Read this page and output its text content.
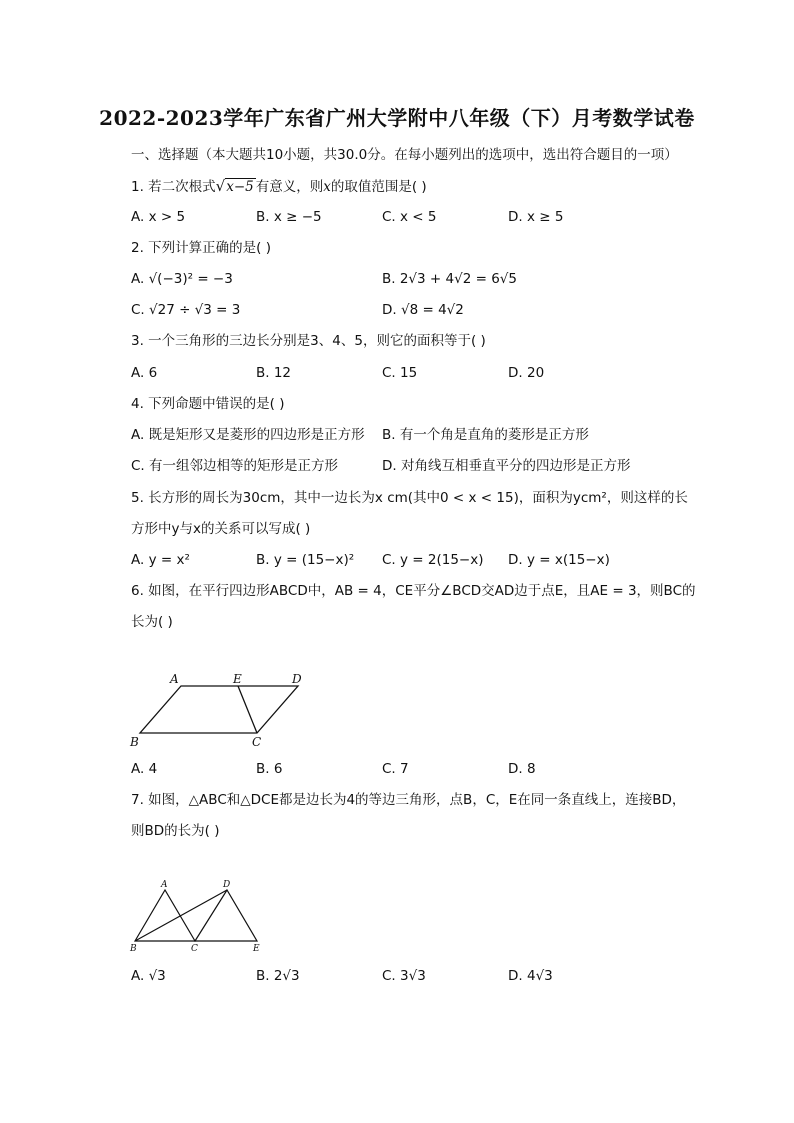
2022-2023学年广东省广州大学附中八年级（下）月考数学试卷
一、选择题（本大题共10小题，共30.0分。在每小题列出的选项中，选出符合题目的一项）
1. 若二次根式√x−5 有意义，则x的取值范围是( )
A. x > 5	B. x ≥ −5	C. x < 5	D. x ≥ 5
2. 下列计算正确的是( )
A. √(−3)² = −3	B. 2√3 + 4√2 = 6√5
C. √27 ÷ √3 = 3	D. √8 = 4√2
3. 一个三角形的三边长分别是3、4、5，则它的面积等于( )
A. 6	B. 12	C. 15	D. 20
4. 下列命题中错误的是( )
A. 既是矩形又是菱形的四边形是正方形 B. 有一个角是直角的菱形是正方形
C. 有一组邻边相等的矩形是正方形	D. 对角线互相垂直平分的四边形是正方形
5. 长方形的周长为30cm，其中一边长为x cm(其中0 < x < 15)，面积为ycm²，则这样的长
方形中y与x的关系可以写成( )
A. y = x²	B. y = (15−x)² C. y = 2(15−x) D. y = x(15−x)
6. 如图，在平行四边形ABCD中，AB = 4，CE平分∠BCD交AD边于点E，且AE = 3，则BC的
长为( )
A	E	D
B	C
A. 4	B. 6	C. 7	D. 8
7. 如图，△ABC和△DCE都是边长为4的等边三角形，点B，C，E在同一条直线上，连接BD，
则BD的长为( )
A	D
B	C	E
A. √3	B. 2√3	C. 3√3	D. 4√3
